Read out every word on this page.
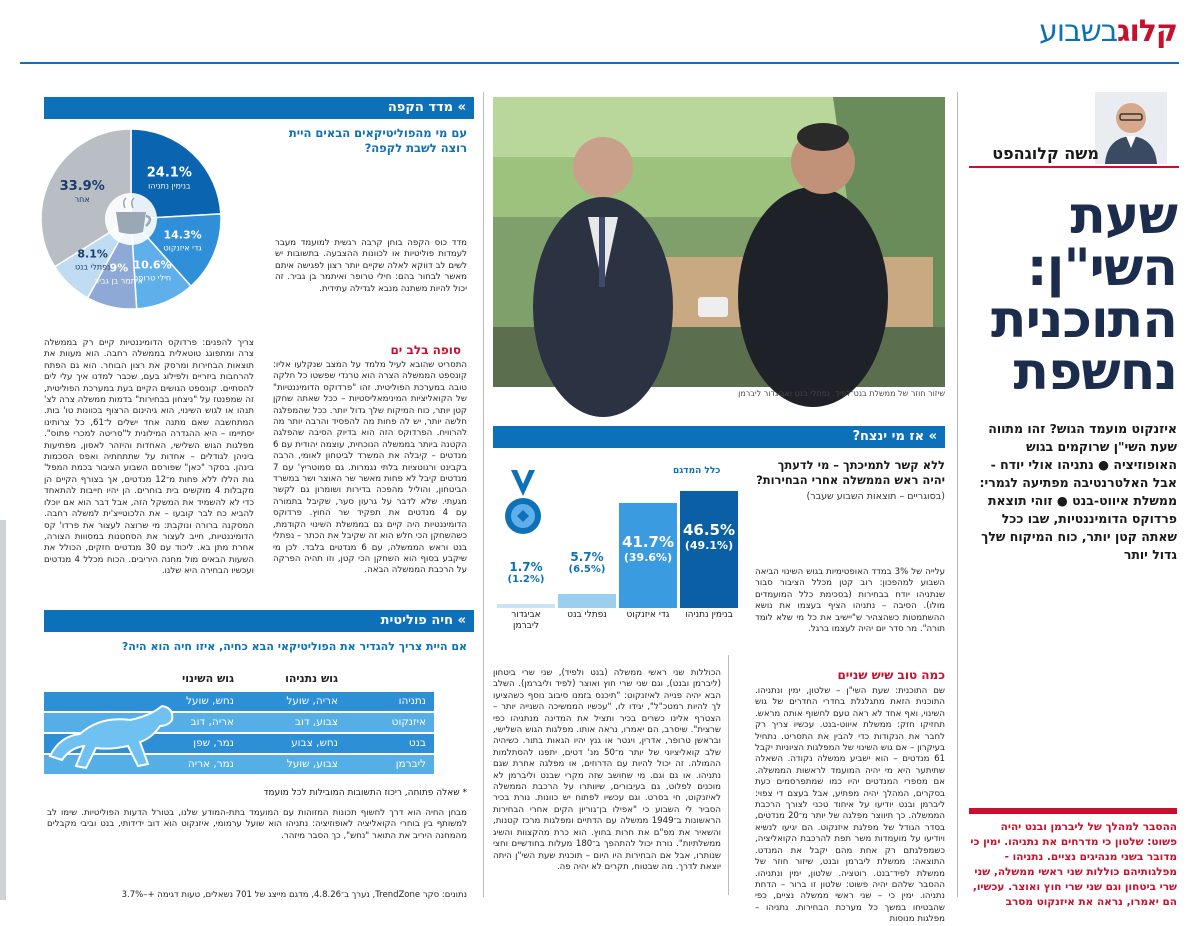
קלוגבשבוע
משה קלוגהפט
שעת
השי"ן:
התוכנית
נחשפת
איזנקוט מועמד הגוש? זהו מתווה שעת השי"ן שרוקמים בגוש האופוזיציה ● נתניהו אולי יודח - אבל האלטרנטיבה מפתיעה לגמרי: ממשלת איווט-בנט ● זוהי תוצאת פרדוקס הדומיננטיות, שבו ככל שאתה קטן יותר, כוח המיקוח שלך גדול יותר
ההסבר למהלך של ליברמן ובנט יהיה פשוט: שלטון כי מדרחים את נתניהו. ימין כי מדובר בשני מנהיגים נציים. נתניהו - מפלגותיהם כוללות שני ראשי ממשלה, שני שרי ביטחון וגם שני שרי חוץ ואוצר. עכשיו, הם יאמרו, נראה את איזנקוט מסרב
שיזור חוזר של ממשלת בנט־לפיד. נפתלי בנט ואביגדור ליברמן
» אז מי ינצח?
ללא קשר לתמיכתך – מי לדעתך יהיה ראש הממשלה אחרי הבחירות?
(בסוגריים – תוצאות השבוע שעבר)
עלייה של 3% במדד האופטימיות בגוש השינוי הביאה השבוע למהפכון: רוב קטן מכלל הציבור סבור שנתניהו יודח בבחירות (בסכימת כלל המועמדים מולו). הסיבה – נתניהו הציף בעצמו את נושא ההשתמטות כשהצהיר ש"יישיב את כל מי שלא לומד תורה". מר סדר יום יהיה לעצמו ברגל.
כלל המדגם
46.5%
(49.1%)
41.7%
(39.6%)
5.7%
(6.5%)
1.7%
(1.2%)
בנימין נתניהו
גדי איזנקוט
נפתלי בנט
אביגדור ליברמן
כמה טוב שיש שניים
שם התוכנית: שעת השי"ן – שלטון, ימין ונתניהו. התוכנית הזאת מתגלגלת בחדרי החדרים של גוש השינוי, ואף אחד לא ראה טעם לחשוף אותה מראש. תחזיקו חזק: ממשלת איווט-בנט. עכשיו צריך רק לחבר את הנקודות כדי להבין את התסריט. נתחיל בעיקרון – אם גוש השינוי של המפלגות הציוניות יקבל 61 מנדטים – הוא ישביע ממשלה נקודה. השאלה שתיתער היא מי יהיה המועמד לראשות הממשלה. אם מספרי המנדטים יהיו כמו שמתפרסמים כעת בסקרים, המהלך יהיה מפתיע, אבל בעצם די צפוי: ליברמן ובנט יודיעו על איחוד טכני לצורך הרכבת הממשלה. כך תיווצר מפלגה של יותר מ־20 מנדטים, בסדר הגודל של מפלגת איזנקוט. הם יגיעו לנשיא ויודיעו על מועמדות משר תפת להרכבת הקואליציה, כשמפלגתם רק אחת מהם יקבל את המנדט. התוצאה: ממשלת ליברמן ובנט, שיזור חוזר של ממשלת לפיד־בנט. רוטציה. שלטון, ימין ונתניהו. ההסבר שלהם יהיה פשוט: שלטון זו ברור – הדחת נתניהו. ימין כי – שני ראשי ממשלה נציים, כפי שהבטיחו במשך כל מערכת הבחירות. נתניהו – מפלגות מנוסות
הכוללות שני ראשי ממשלה (בנט ולפיד), שני שרי ביטחון (ליברמן ובנט), וגם שני שרי חוץ ואוצר (לפיד וליברמן). השלב הבא יהיה פנייה לאיזנקוט: "תיכנס בזמנו סיבוב נוסף כשהציעו לך להיות רמטכ"ל", יגידו לו, "עכשיו הממשיכה השנייה יותר – הצטרף אלינו כשרים בכיר ותציל את המדינה מנתניהו כפי שרצית". שיסרב, הם יאמרו, נראה אותו. מפלגות הגוש השלישי, ובראשן טרופר, אדרין, ויגטר או גנץ יהיו הגאות בתור. כשיהיה שלב קואליציוני של יותר מ־50 מנ' דטים, יתפנו להסתלמות ההמולה. זה יכול להיות עם הדרוזים, או מפלגה אחרת שגם נתניהו. או גם וגם. מי שחושב שזה מקרי שבנט וליברמן לא מוכנים לפלוט, גם בעיבורים, שיוותרו על הרכבת הממשלה לאיזנקוט, חי בסרט. וגם עכשיו לפתוח יש כוונות. נורת בכיר הסביר לי השבוע כי "אפילו בן־גוריון הקים אחרי הבחירות הראשונות ב־1949 ממשלה עם הדתיים ומפלגות מרכז קטנות, והשאיר את מפ"ם את חרות בחוץ. הוא כרת מהקצוות והשיג ממשלתיות". נורת יכול להתהפך ב־180 מעלות בחודשיים וחצי שנותרו, אבל אם הבחירות היו היום – תוכנית שעת השי"ן היתה יוצאת לדרך. מה שבטוח, תקרים לא יהיה פה.
» מדד הקפה
עם מי מהפוליטיקאים הבאים היית רוצה לשבת לקפה?
24.1%
בנימין נתניהו
14.3%
גדי איזנקוט
10.6%
חילי טרופר
9%
איתמר בן גביר
8.1%
נפתלי בנט
33.9%
אחר
מדד כוס הקפה בוחן קרבה רגשית למועמד מעבר לעמדות פוליטיות או לכוונות ההצבעה. בתשובות יש לשים לב דווקא לאלה שקיים יותר רצון לפגישה איתם מאשר לבחור בהם: חילי טרופר ואיתמר בן גביר. זה יכול להיות משתנה מנבא לגדילה עתידית.
סופה בלב ים
התסריט שהובא לעיל מלמד על המצב שנקלעו אליו: קונספט הממשלה הצרה הוא טרנדי שפשטו כל חלקה טובה במערכת הפוליטית. זהו "פרדוקס הדומיננטיות" של הקואליציות המינימאליסטיות – ככל שאתה שחקן קטן יותר, כוח המיקוח שלך גדול יותר. ככל שהמפלגה חלשה יותר, יש לה פחות מה להפסיד והרבה יותר מה להרוויח. הפרדוקס הזה הוא בדיוק הסיבה שהפלגה הקטנה ביותר בממשלה הנוכחית, עוצמה יהודית עם 6 מנדטים – קיבלה את המשרד לביטחון לאומי, הרבה בקבינט ורגוטציות בלתי נגמרות. גם סמוטריץ' עם 7 מנדטים קיבל לא פחות מאשר שר האוצר ושר במשרד הביטחון, והוליל מהפכה בדירות ושומרון גם לקשר מגעתי. שלא לדבר על גרעון סער, שקיבל בתמורה עם 4 מנדטים את תפקיד שר החוץ. פרדוקס הדומיננטיות היה קיים גם בממשלת השינוי הקודמת, כשהשחקן הכי חלש הוא זה שקיבל את הכתר – נפתלי בנט וראש הממשלה, עם 6 מנדטים בלבד. לכן מי שיקבע בסוף הוא השחקן הכי קטן, וזו תהיה הפרקה על הרכבת הממשלה הבאה.
צריך להפנים: פרדוקס הדומיננטיות קיים רק בממשלה צרה ומתפוגג טוטאלית בממשלה רחבה. הוא מעוות את תוצאות הבחירות ומרסק את רצון הבוחר. הוא גם הפתח להרחבות ביזריים ולפילוג בעם, שכבר למדנו איך עלי לים להסתיים. קונספט הגושים הקיים בעת במערכת הפוליטית, זה שמפנטז על "ניצחון בבחירות" בדמות ממשלה צרה לצ' תנהו או לגוש השינוי, הוא גיהינום הרצוף בכוונות טו' בות. המתחשבה שאם מתנה אחד ישלים ל־61, כל צרותינו יסתיימו – היא ההגדרה המילונית ל"סריטה למכרי פתוס". מפלגות הגוש השלישי, האחדות והיזהר לאסון, מפתיעות ביניהן לגודלים – אחדות על שתתחתיה ואפס הסכמות בינהן. בסקר "כאן" שפורסם השבוע הציבור בכמת המפל' גות הללו ללא פחות מ־12 מנדטים, אך בצורף הקיים הן מקבלות 4 מוקשים בית בוחרים. הן יהיו חייבות להתאחד כדי לא להשמיד את המשקל הזה, אבל דבר הוא אם יוכלו להביא כח לבר קובעו – את הלכוטייצ'ית למשלה רחבה. המסקנה ברורה ונוקבת: מי שרוצה לעצור את פרדו' קס הדומיננטיות, חייב לעצור את הסחטנות במסווות הצורה, אחרת מתן בא. ליכוד עם 30 מנדטים חזקים, הכולל את השעות הבאים מול מחנה היריבים. הכוח מכלל 4 מנדטים ועכשיו הבחירה היא שלנו.
» חיה פוליטית
אם היית צריך להגדיר את הפוליטיקאי הבא כחיה, איזו חיה הוא היה?
גוש נתניהו
גוש השינוי
נתניהו
אריה, שועל
נחש, שועל
איזנקוט
צבוע, דוב
אריה, דוב
בנט
נחש, צבוע
נמר, שפן
ליברמן
צבוע, שועל
נמר, אריה
* שאלה פתוחה, ריכוז התשובות המובילות לכל מועמד
מבחן החיה הוא דרך לחשוף תכונות המזוהות עם המועמד בתת-המודע שלנו, בטורל הדעות הפוליטיות. שימו לב למשותף בין בוחרי הקואליציה לאופוזיציה: נתניהו הוא שועל ערמומי, איזנקוט הוא דוב ידידותי, בנט וביבי מקבלים מהמחנה היריב את התואר "נחש", כך הסבר מיזהר.
נתונים: סקר TrendZone, נערך ב־4.8.26, מדגם מייצג של 701 נשאלים, טעות דגימה +–3.7%
